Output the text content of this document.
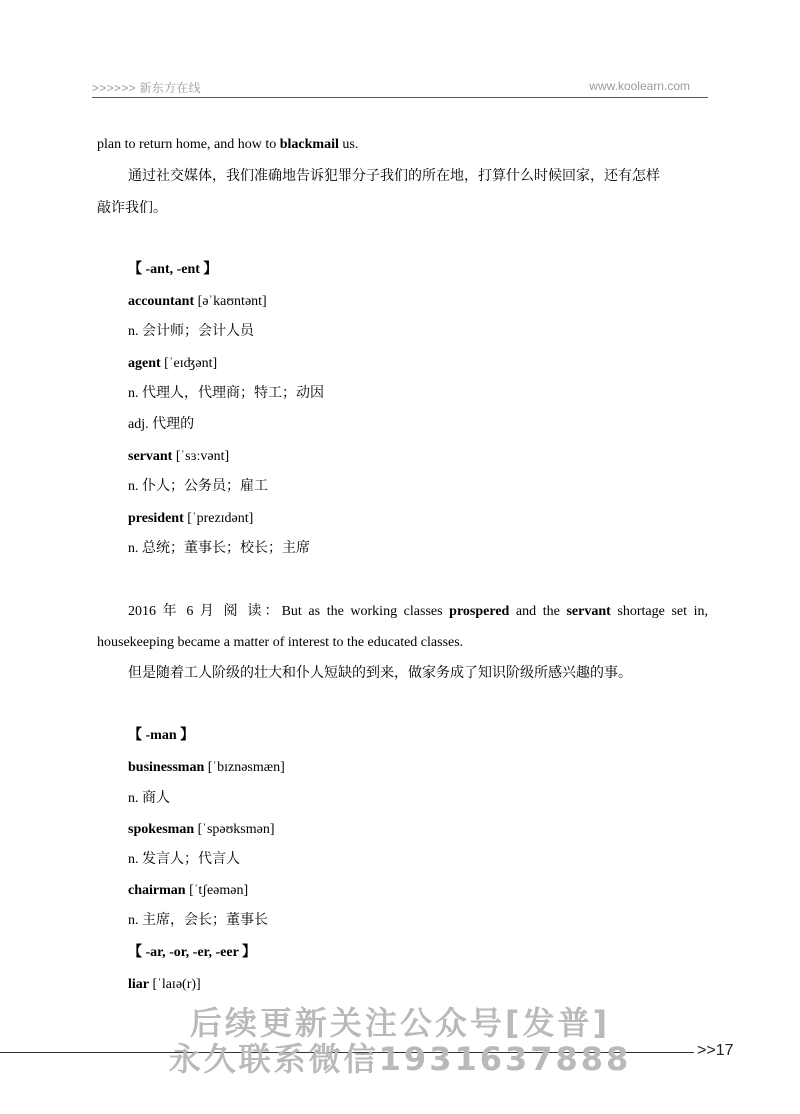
>>>>>> 新东方在线	www.koolearn.com
plan to return home, and how to blackmail us.
通过社交媒体，我们准确地告诉犯罪分子我们的所在地，打算什么时候回家，还有怎样
敲诈我们。
【 -ant, -ent 】
accountant [əˈkaʊntənt]
n. 会计师；会计人员
agent [ˈeɪʤənt]
n. 代理人，代理商；特工；动因
adj. 代理的
servant [ˈsɜːvənt]
n. 仆人；公务员；雇工
president [ˈprezɪdənt]
n. 总统；董事长；校长；主席
2016 年 6 月 阅 读：But as the working classes prospered and the servant shortage set in,
housekeeping became a matter of interest to the educated classes.
但是随着工人阶级的壮大和仆人短缺的到来，做家务成了知识阶级所感兴趣的事。
【 -man 】
businessman [ˈbɪznəsmæn]
n. 商人
spokesman [ˈspəʊksmən]
n. 发言人；代言人
chairman [ˈtʃeəmən]
n. 主席，会长；董事长
【 -ar, -or, -er, -eer 】
liar [ˈlaɪə(r)]
>>17
后续更新关注公众号[发普]
永久联系微信1931637888
